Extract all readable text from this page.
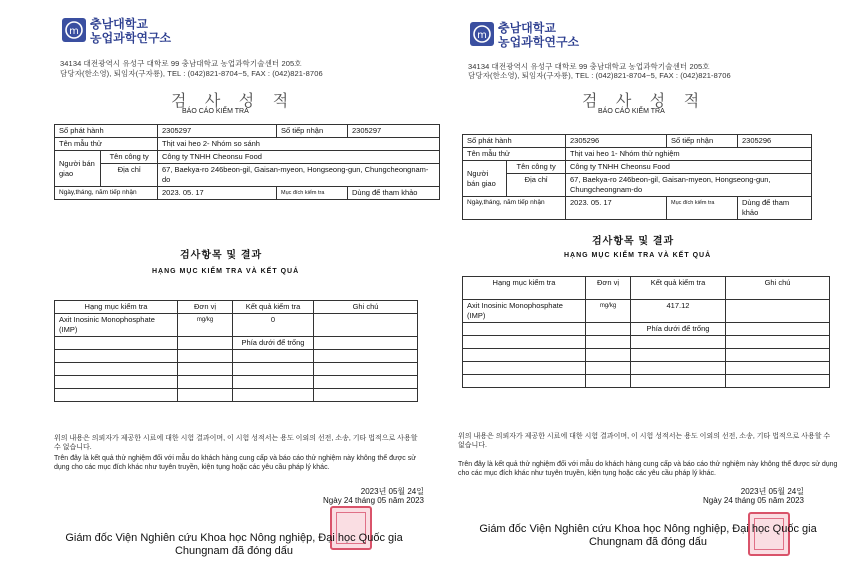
m
충남대학교
농업과학연구소
34134 대전광역시 유성구 대학로 99 충남대학교 농업과학기술센터 205호
담당자(한소영), 퇴임자(구자룡), TEL : (042)821-8704~5, FAX : (042)821-8706
검 사 성 적
BÁO CÁO KIỂM TRA
Số phát hành		2305297	Số tiếp nhận	2305297
Tên mẫu thử		Thịt vai heo 2- Nhóm so sánh		
Người bán giao	Tên công ty	Công ty TNHH Cheonsu Food		
	Địa chỉ	67, Baekya-ro 246beon-gil, Gaisan-myeon, Hongseong-gun, Chungcheongnam-do		
Ngày,tháng, năm tiếp nhận		2023. 05. 17	Mục đích kiểm tra	Dùng để tham khảo
검사항목 및 결과
HẠNG MỤC KIỂM TRA VÀ KẾT QUẢ
Hạng mục kiểm tra	Đơn vị	Kết quả kiểm tra	Ghi chú
Axit Inosinic Monophosphate (IMP)	mg/kg	0	
		Phía dưới để trống	

위의 내용은 의뢰자가 제공한 시료에 대한 시험 결과이며, 이 시험 성적서는 용도 이외의 선전, 소송, 기타 법적으로 사용할 수 없습니다.
Trên đây là kết quả thử nghiệm đối với mẫu do khách hàng cung cấp và báo cáo thử nghiệm này không thể được sử dụng cho các mục đích khác như tuyên truyền, kiện tụng hoặc các yêu cầu pháp lý khác.
2023년 05월 24일
Ngày 24 tháng 05 năm 2023
Giám đốc Viện Nghiên cứu Khoa học Nông nghiệp, Đại học Quốc gia Chungnam đã đóng dấu
m
충남대학교
농업과학연구소
34134 대전광역시 유성구 대학로 99 충남대학교 농업과학기술센터 205호
담당자(한소영), 퇴임자(구자룡), TEL : (042)821-8704~5, FAX : (042)821-8706
검 사 성 적
BÁO CÁO KIỂM TRA
Số phát hành		2305296	Số tiếp nhận	2305296
Tên mẫu thử		Thịt vai heo 1- Nhóm thử nghiệm		
Người bán giao	Tên công ty	Công ty TNHH Cheonsu Food		
	Địa chỉ	67, Baekya-ro 246beon-gil, Gaisan-myeon, Hongseong-gun, Chungcheongnam-do		
Ngày,tháng, năm tiếp nhận		2023. 05. 17	Mục đích kiểm tra	Dùng để tham khảo
검사항목 및 결과
HẠNG MỤC KIỂM TRA VÀ KẾT QUẢ
Hạng mục kiểm tra	Đơn vị	Kết quả kiểm tra	Ghi chú
Axit Inosinic Monophosphate (IMP)	mg/kg	417.12	
		Phía dưới để trống	

위의 내용은 의뢰자가 제공한 시료에 대한 시험 결과이며, 이 시험 성적서는 용도 이외의 선전, 소송, 기타 법적으로 사용할 수 없습니다.
Trên đây là kết quả thử nghiệm đối với mẫu do khách hàng cung cấp và báo cáo thử nghiệm này không thể được sử dụng cho các mục đích khác như tuyên truyền, kiện tụng hoặc các yêu cầu pháp lý khác.
2023년 05월 24일
Ngày 24 tháng 05 năm 2023
Giám đốc Viện Nghiên cứu Khoa học Nông nghiệp, Đại học Quốc gia Chungnam đã đóng dấu
